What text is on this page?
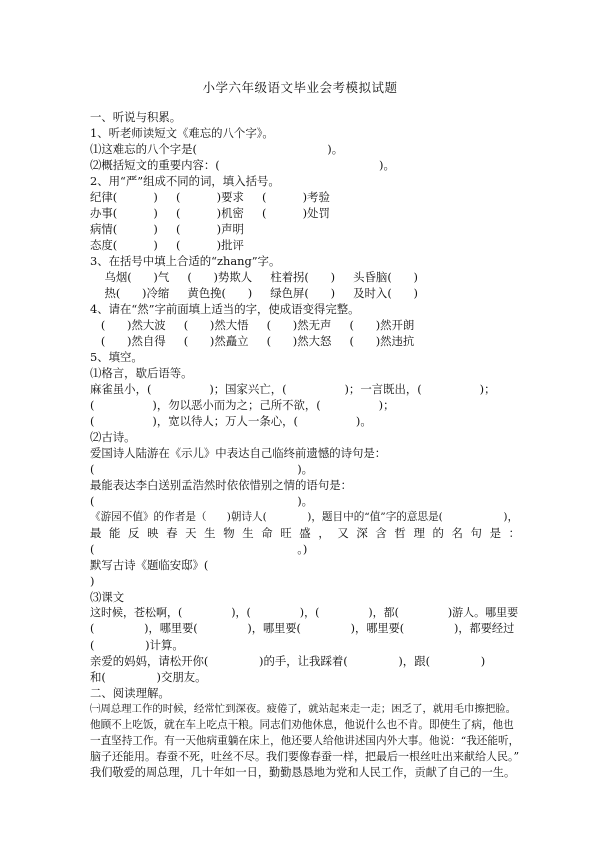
小学六年级语文毕业会考模拟试题
一、听说与积累。
1、听老师读短文《难忘的八个字》。
⑴这难忘的八个字是(                                    )。
⑵概括短文的重要内容：(                                            )。
2、用“严”组成不同的词，填入括号。
纪律(          )     (          )要求     (          )考验
办事(          )     (          )机密     (          )处罚
病情(          )     (          )声明
态度(          )     (          )批评
3、在括号中填上合适的“zhang”字。
乌烟(      )气     (      )势欺人     柱着拐(      )     头昏脑(      )
热(      )冷缩     黄色挽(      )     绿色屏(      )     及时入(      )
4、请在“然”字前面填上适当的字，使成语变得完整。
(      )然大波     (      )然大悟     (      )然无声     (      )然开朗
(      )然自得     (      )然矗立     (      )然大怒     (      )然违抗
5、填空。
⑴格言，歇后语等。
麻雀虽小，(                )；国家兴亡，(                )；一言既出，(                )；
(                )，勿以恶小而为之；己所不欲，(                )；
(                )，宽以待人；万人一条心，(                )。
⑵古诗。
爱国诗人陆游在《示儿》中表达自己临终前遗憾的诗句是：
(                                                        )。
最能表达李白送别孟浩然时依依惜别之情的语句是：
(                                                        )。
《游园不值》的作者是（      )朝诗人(            )，题目中的“值”字的意思是(                  )，
最 能 反 映 春 天 生 物 生 命 旺 盛 ， 又 深 含 哲 理 的 名 句 是 ：
(                                                        。)
默写古诗《题临安邸》(
)
⑶课文
这时候，苍松啊，(              )，(              )，(              )，都(              )游人。哪里要
(              )，哪里要(              )，哪里要(              )，哪里要(              )，都要经过
(              )计算。
亲爱的妈妈，请松开你(              )的手，让我踩着(              )，跟(              )
和(              )交朋友。
二、阅读理解。
㈠周总理工作的时候，经常忙到深夜。疲倦了，就站起来走一走；困乏了，就用毛巾擦把脸。
他顾不上吃饭，就在车上吃点干粮。同志们劝他休息，他说什么也不肯。即使生了病，他也
一直坚持工作。有一天他病重躺在床上，他还要人给他讲述国内外大事。他说：“我还能听，
脑子还能用。春蚕不死，吐丝不尽。我们要像春蚕一样，把最后一根丝吐出来献给人民。”
我们敬爱的周总理，几十年如一日，勤勤恳恳地为党和人民工作，贡献了自己的一生。
